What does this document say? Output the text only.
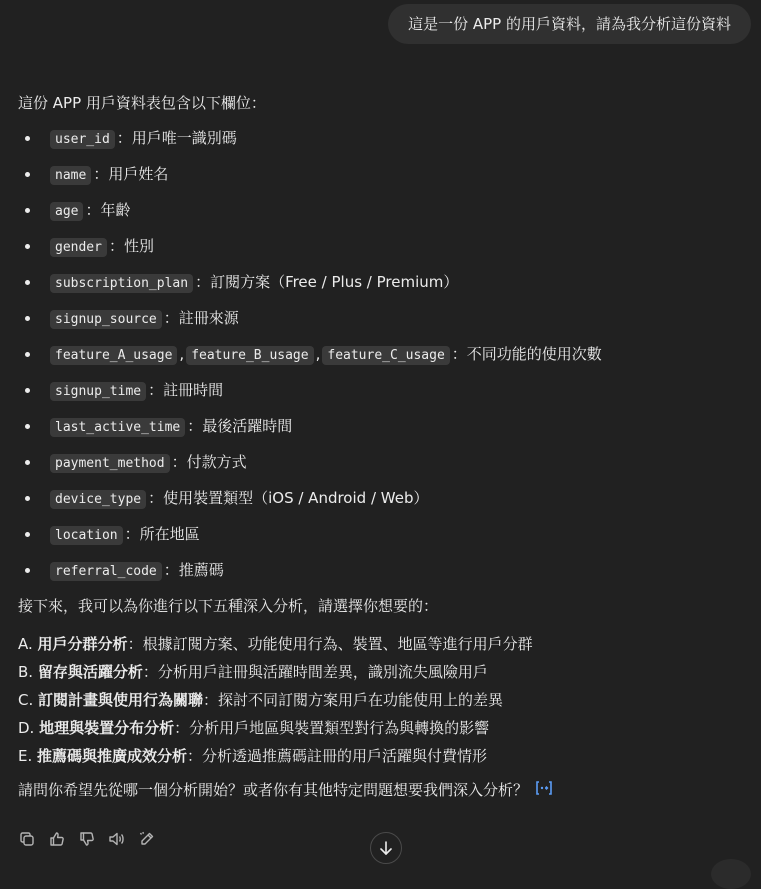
這是一份 APP 的用戶資料，請為我分析這份資料

這份 APP 用戶資料表包含以下欄位：

user_id ：用戶唯一識別碼
name ：用戶姓名
age ：年齡
gender ：性別
subscription_plan ：訂閱方案（Free / Plus / Premium）
signup_source ：註冊來源
feature_A_usage , feature_B_usage , feature_C_usage ：不同功能的使用次數
signup_time ：註冊時間
last_active_time ：最後活躍時間
payment_method ：付款方式
device_type ：使用裝置類型（iOS / Android / Web）
location ：所在地區
referral_code ：推薦碼

接下來，我可以為你進行以下五種深入分析，請選擇你想要的：

A. 用戶分群分析：根據訂閱方案、功能使用行為、裝置、地區等進行用戶分群
B. 留存與活躍分析：分析用戶註冊與活躍時間差異，識別流失風險用戶
C. 訂閱計畫與使用行為關聯：探討不同訂閱方案用戶在功能使用上的差異
D. 地理與裝置分布分析：分析用戶地區與裝置類型對行為與轉換的影響
E. 推薦碼與推廣成效分析：分析透過推薦碼註冊的用戶活躍與付費情形
請問你希望先從哪一個分析開始？或者你有其他特定問題想要我們深入分析？
